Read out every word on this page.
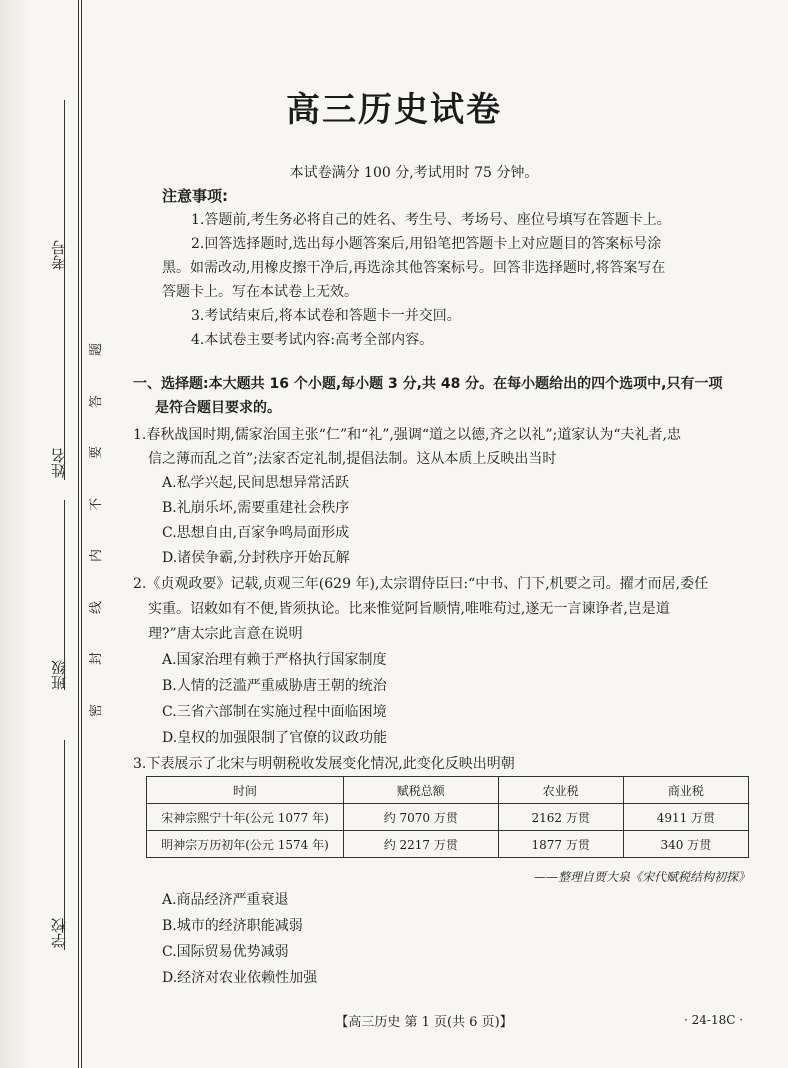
考号
姓名
班级
学校
题
答
要
不
内
线
封
密
高三历史试卷
本试卷满分 100 分,考试用时 75 分钟。
注意事项:
1.答题前,考生务必将自己的姓名、考生号、考场号、座位号填写在答题卡上。
2.回答选择题时,选出每小题答案后,用铅笔把答题卡上对应题目的答案标号涂
黑。如需改动,用橡皮擦干净后,再选涂其他答案标号。回答非选择题时,将答案写在
答题卡上。写在本试卷上无效。
3.考试结束后,将本试卷和答题卡一并交回。
4.本试卷主要考试内容:高考全部内容。
一、选择题:本大题共 16 个小题,每小题 3 分,共 48 分。在每小题给出的四个选项中,只有一项
是符合题目要求的。
1.春秋战国时期,儒家治国主张“仁”和“礼”,强调“道之以德,齐之以礼”;道家认为“夫礼者,忠
信之薄而乱之首”;法家否定礼制,提倡法制。这从本质上反映出当时
A.私学兴起,民间思想异常活跃
B.礼崩乐坏,需要重建社会秩序
C.思想自由,百家争鸣局面形成
D.诸侯争霸,分封秩序开始瓦解
2.《贞观政要》记载,贞观三年(629 年),太宗谓侍臣曰:“中书、门下,机要之司。擢才而居,委任
实重。诏敕如有不便,皆须执论。比来惟觉阿旨顺情,唯唯苟过,遂无一言谏诤者,岂是道
理?”唐太宗此言意在说明
A.国家治理有赖于严格执行国家制度
B.人情的泛滥严重威胁唐王朝的统治
C.三省六部制在实施过程中面临困境
D.皇权的加强限制了官僚的议政功能
3.下表展示了北宋与明朝税收发展变化情况,此变化反映出明朝
时间	赋税总额	农业税	商业税
宋神宗熙宁十年(公元 1077 年)	约 7070 万贯	2162 万贯	4911 万贯
明神宗万历初年(公元 1574 年)	约 2217 万贯	1877 万贯	340 万贯
——整理自贾大泉《宋代赋税结构初探》
A.商品经济严重衰退
B.城市的经济职能减弱
C.国际贸易优势减弱
D.经济对农业依赖性加强
【高三历史 第 1 页(共 6 页)】	· 24-18C ·
